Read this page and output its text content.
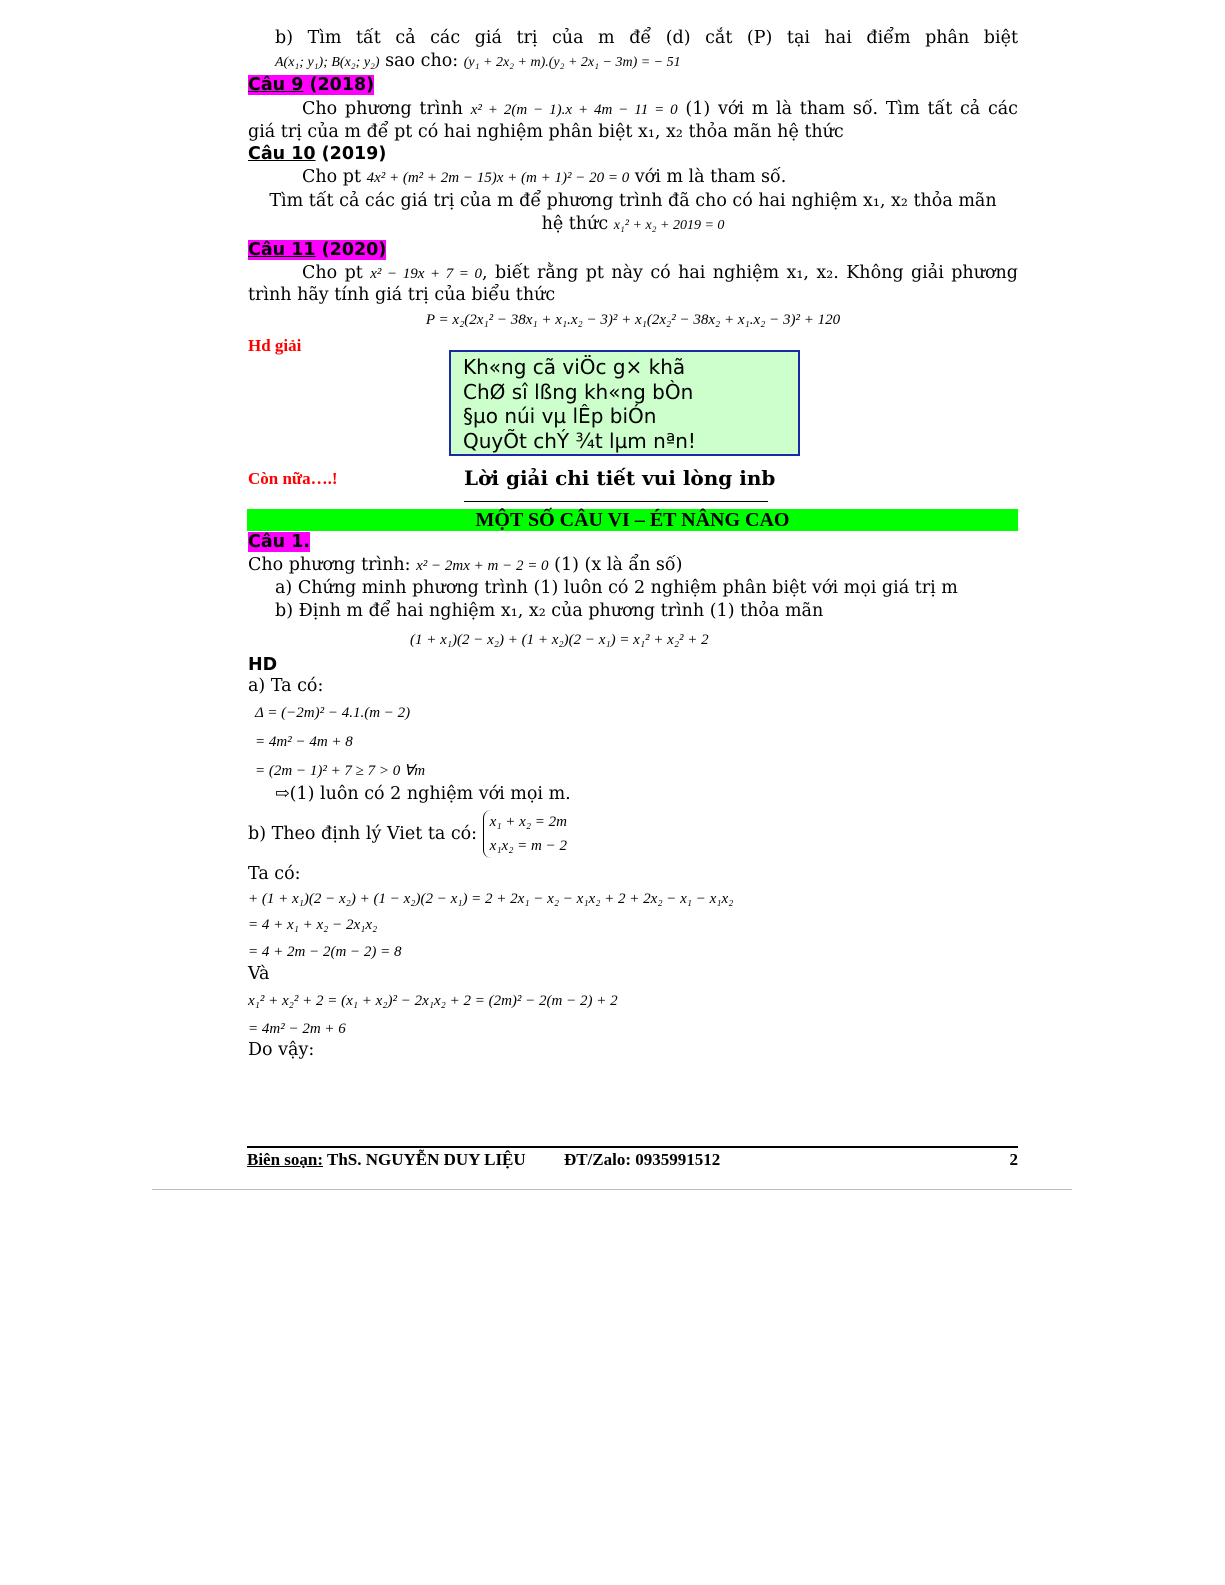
b) Tìm tất cả các giá trị của m để (d) cắt (P) tại hai điểm phân biệt
A(x₁; y₁); B(x₂; y₂) sao cho: (y₁ + 2x₂ + m).(y₂ + 2x₁ − 3m) = − 51
Câu 9 (2018)
Cho phương trình x² + 2(m − 1).x + 4m − 11 = 0 (1) với m là tham số. Tìm tất cả các
giá trị của m để pt có hai nghiệm phân biệt x₁, x₂ thỏa mãn hệ thức
Câu 10 (2019)
Cho pt 4x² + (m² + 2m − 15)x + (m + 1)² − 20 = 0 với m là tham số.
Tìm tất cả các giá trị của m để phương trình đã cho có hai nghiệm x₁, x₂ thỏa mãn
hệ thức x₁² + x₂ + 2019 = 0
Câu 11 (2020)
Cho pt x² − 19x + 7 = 0, biết rằng pt này có hai nghiệm x₁, x₂. Không giải phương
trình hãy tính giá trị của biểu thức
P = x₂(2x₁² − 38x₁ + x₁.x₂ − 3)² + x₁(2x₂² − 38x₂ + x₁.x₂ − 3)² + 120
Hd giải
Kh«ng cã viÖc g× khã
ChØ sî lßng kh«ng bÒn
§µo núi vµ lÊp biÓn
QuyÕt chÝ ¾t lµm nªn!
Còn nữa….!	Lời giải chi tiết vui lòng inb
MỘT SỐ CÂU VI – ÉT NÂNG CAO
Câu 1.
Cho phương trình: x² − 2mx + m − 2 = 0 (1) (x là ẩn số)
a) Chứng minh phương trình (1) luôn có 2 nghiệm phân biệt với mọi giá trị m
b) Định m để hai nghiệm x₁, x₂ của phương trình (1) thỏa mãn
(1 + x₁)(2 − x₂) + (1 + x₂)(2 − x₁) = x₁² + x₂² + 2
HD
a) Ta có:
Δ = (−2m)² − 4.1.(m − 2)
= 4m² − 4m + 8
= (2m − 1)² + 7 ≥ 7 > 0 ∀m
⇨(1) luôn có 2 nghiệm với mọi m.
b) Theo định lý Viet ta có:
x₁ + x₂ = 2m
x₁x₂ = m − 2
Ta có:
+ (1 + x₁)(2 − x₂) + (1 − x₂)(2 − x₁) = 2 + 2x₁ − x₂ − x₁x₂ + 2 + 2x₂ − x₁ − x₁x₂
= 4 + x₁ + x₂ − 2x₁x₂
= 4 + 2m − 2(m − 2) = 8
Và
x₁² + x₂² + 2 = (x₁ + x₂)² − 2x₁x₂ + 2 = (2m)² − 2(m − 2) + 2
= 4m² − 2m + 6
Do vậy:
Biên soạn: ThS. NGUYỄN DUY LIỆU ĐT/Zalo: 0935991512	2
